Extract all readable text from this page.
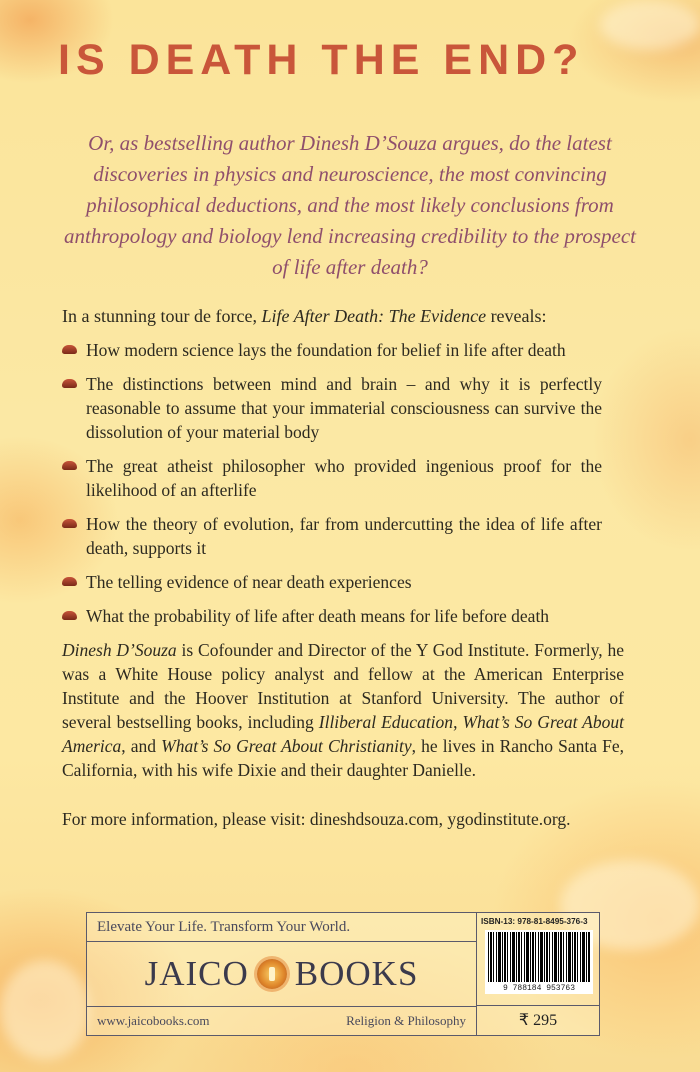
IS DEATH THE END?

Or, as bestselling author Dinesh D’Souza argues, do the latest discoveries in physics and neuroscience, the most convincing philosophical deductions, and the most likely conclusions from anthropology and biology lend increasing credibility to the prospect of life after death?

In a stunning tour de force, Life After Death: The Evidence reveals:

How modern science lays the foundation for belief in life after death
The distinctions between mind and brain – and why it is perfectly reasonable to assume that your immaterial consciousness can survive the dissolution of your material body
The great atheist philosopher who provided ingenious proof for the likelihood of an afterlife
How the theory of evolution, far from undercutting the idea of life after death, supports it
The telling evidence of near death experiences
What the probability of life after death means for life before death

Dinesh D’Souza is Cofounder and Director of the Y God Institute. Formerly, he was a White House policy analyst and fellow at the American Enterprise Institute and the Hoover Institution at Stanford University. The author of several bestselling books, including Illiberal Education, What’s So Great About America, and What’s So Great About Christianity, he lives in Rancho Santa Fe, California, with his wife Dixie and their daughter Danielle.

For more information, please visit: dineshdsouza.com, ygodinstitute.org.

Elevate Your Life. Transform Your World.
JAICO BOOKS
www.jaicobooks.com	Religion & Philosophy
ISBN-13: 978-81-8495-376-3
9 788184 953763
₹ 295
